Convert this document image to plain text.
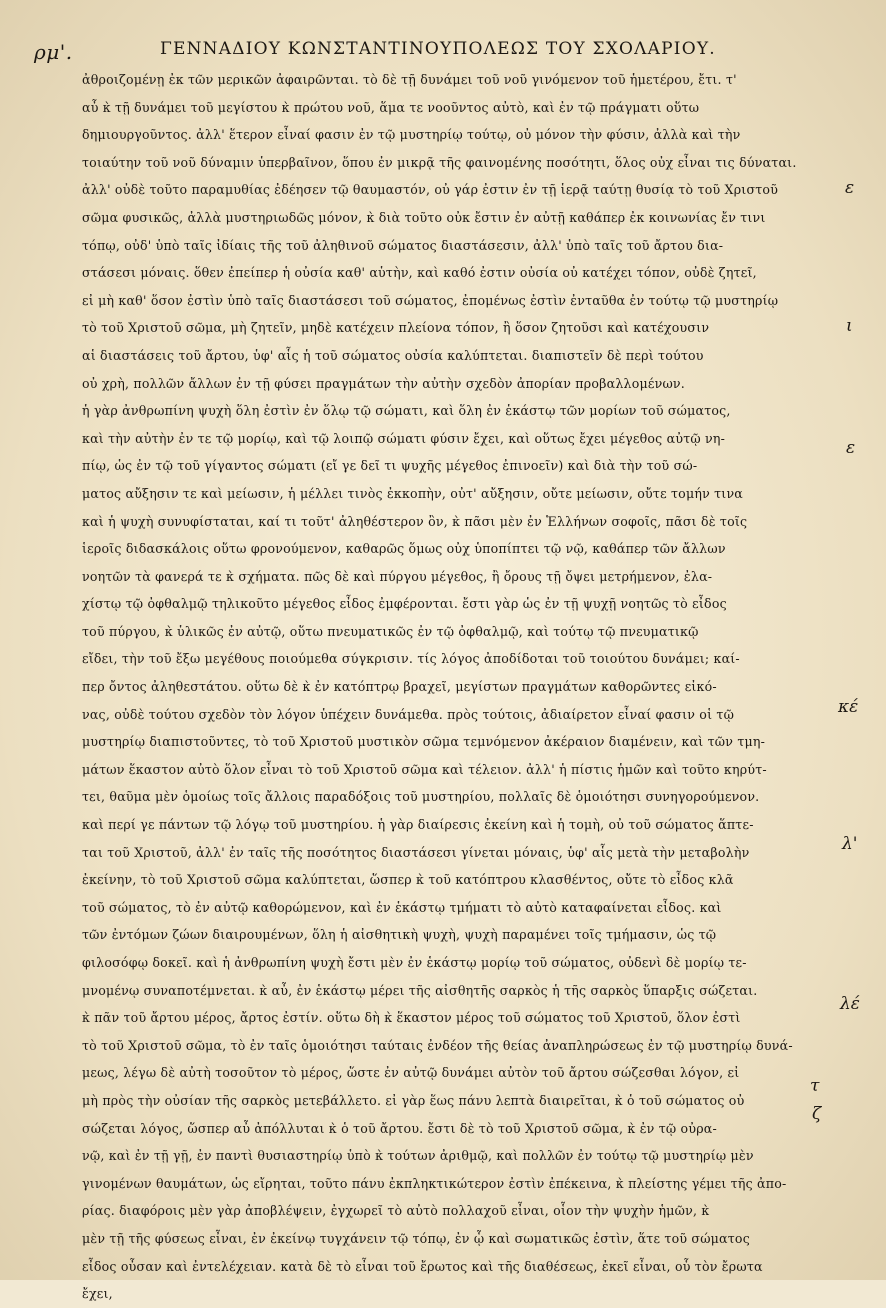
ρμ'.	ΓΕΝΝΑΔΙΟΥ ΚΩΝΣΤΑΝΤΙΝΟΥΠΟΛΕΩΣ ΤΟΥ ΣΧΟΛΑΡΙΟΥ.
ἀθροιζομένῃ ἐκ τῶν μερικῶν ἀφαιρῶνται. τὸ δὲ τῇ δυνάμει τοῦ νοῦ γινόμενον τοῦ ἡμετέρου, ἔτι. τ'
αὖ κ̀ τῇ δυνάμει τοῦ μεγίστου κ̀ πρώτου νοῦ, ἅμα τε νοοῦντος αὐτὸ, καὶ ἐν τῷ πράγματι οὕτω
δημιουργοῦντος. ἀλλ' ἕτερον εἶναί φασιν ἐν τῷ μυστηρίῳ τούτῳ, οὐ μόνον τὴν φύσιν, ἀλλὰ καὶ τὴν
τοιαύτην τοῦ νοῦ δύναμιν ὑπερβαῖνον, ὅπου ἐν μικρᾷ τῆς φαινομένης ποσότητι, ὅλος οὐχ εἶναι τις δύναται.
ἀλλ' οὐδὲ τοῦτο παραμυθίας ἐδέησεν τῷ θαυμαστόν, οὐ γάρ ἐστιν ἐν τῇ ἱερᾷ ταύτῃ θυσίᾳ τὸ τοῦ Χριστοῦ
σῶμα φυσικῶς, ἀλλὰ μυστηριωδῶς μόνον, κ̀ διὰ τοῦτο οὐκ ἔστιν ἐν αὐτῇ καθάπερ ἐκ κοινωνίας ἔν τινι
τόπῳ, οὐδ' ὑπὸ ταῖς ἰδίαις τῆς τοῦ ἀληθινοῦ σώματος διαστάσεσιν, ἀλλ' ὑπὸ ταῖς τοῦ ἄρτου δια-
στάσεσι μόναις. ὅθεν ἐπείπερ ἡ οὐσία καθ' αὑτὴν, καὶ καθό ἐστιν οὐσία οὐ κατέχει τόπον, οὐδὲ ζητεῖ,
εἰ μὴ καθ' ὅσον ἐστὶν ὑπὸ ταῖς διαστάσεσι τοῦ σώματος, ἐπομένως ἐστὶν ἐνταῦθα ἐν τούτῳ τῷ μυστηρίῳ
τὸ τοῦ Χριστοῦ σῶμα, μὴ ζητεῖν, μηδὲ κατέχειν πλείονα τόπον, ἢ ὅσον ζητοῦσι καὶ κατέχουσιν
αἱ διαστάσεις τοῦ ἄρτου, ὑφ' αἷς ἡ τοῦ σώματος οὐσία καλύπτεται. διαπιστεῖν δὲ περὶ τούτου
οὐ χρὴ, πολλῶν ἄλλων ἐν τῇ φύσει πραγμάτων τὴν αὐτὴν σχεδὸν ἀπορίαν προβαλλομένων.
ἡ γὰρ ἀνθρωπίνη ψυχὴ ὅλη ἐστὶν ἐν ὅλῳ τῷ σώματι, καὶ ὅλη ἐν ἑκάστῳ τῶν μορίων τοῦ σώματος,
καὶ τὴν αὐτὴν ἐν τε τῷ μορίῳ, καὶ τῷ λοιπῷ σώματι φύσιν ἔχει, καὶ οὕτως ἔχει μέγεθος αὐτῷ νη-
πίῳ, ὡς ἐν τῷ τοῦ γίγαντος σώματι (εἴ γε δεῖ τι ψυχῆς μέγεθος ἐπινοεῖν) καὶ διὰ τὴν τοῦ σώ-
ματος αὔξησιν τε καὶ μείωσιν, ἡ μέλλει τινὸς ἐκκοπὴν, οὐτ' αὔξησιν, οὔτε μείωσιν, οὔτε τομήν τινα
καὶ ἡ ψυχὴ συνυφίσταται, καί τι τοῦτ' ἀληθέστερον ὂν, κ̀ πᾶσι μὲν ἐν Ἑλλήνων σοφοῖς, πᾶσι δὲ τοῖς
ἱεροῖς διδασκάλοις οὕτω φρονούμενον, καθαρῶς ὅμως οὐχ ὑποπίπτει τῷ νῷ, καθάπερ τῶν ἄλλων
νοητῶν τὰ φανερά τε κ̀ σχήματα. πῶς δὲ καὶ πύργου μέγεθος, ἢ ὄρους τῇ ὄψει μετρήμενον, ἐλα-
χίστῳ τῷ ὀφθαλμῷ τηλικοῦτο μέγεθος εἶδος ἐμφέρονται. ἔστι γὰρ ὡς ἐν τῇ ψυχῇ νοητῶς τὸ εἶδος
τοῦ πύργου, κ̀ ὑλικῶς ἐν αὐτῷ, οὕτω πνευματικῶς ἐν τῷ ὀφθαλμῷ, καὶ τούτῳ τῷ πνευματικῷ
εἴδει, τὴν τοῦ ἔξω μεγέθους ποιούμεθα σύγκρισιν. τίς λόγος ἀποδίδοται τοῦ τοιούτου δυνάμει; καί-
περ ὄντος ἀληθεστάτου. οὕτω δὲ κ̀ ἐν κατόπτρῳ βραχεῖ, μεγίστων πραγμάτων καθορῶντες εἰκό-
νας, οὐδὲ τούτου σχεδὸν τὸν λόγον ὑπέχειν δυνάμεθα. πρὸς τούτοις, ἀδιαίρετον εἶναί φασιν οἱ τῷ
μυστηρίῳ διαπιστοῦντες, τὸ τοῦ Χριστοῦ μυστικὸν σῶμα τεμνόμενον ἀκέραιον διαμένειν, καὶ τῶν τμη-
μάτων ἕκαστον αὐτὸ ὅλον εἶναι τὸ τοῦ Χριστοῦ σῶμα καὶ τέλειον. ἀλλ' ἡ πίστις ἡμῶν καὶ τοῦτο κηρύτ-
τει, θαῦμα μὲν ὁμοίως τοῖς ἄλλοις παραδόξοις τοῦ μυστηρίου, πολλαῖς δὲ ὁμοιότησι συνηγορούμενον.
καὶ περί γε πάντων τῷ λόγῳ τοῦ μυστηρίου. ἡ γὰρ διαίρεσις ἐκείνη καὶ ἡ τομὴ, οὐ τοῦ σώματος ἅπτε-
ται τοῦ Χριστοῦ, ἀλλ' ἐν ταῖς τῆς ποσότητος διαστάσεσι γίνεται μόναις, ὑφ' αἷς μετὰ τὴν μεταβολὴν
ἐκείνην, τὸ τοῦ Χριστοῦ σῶμα καλύπτεται, ὥσπερ κ̀ τοῦ κατόπτρου κλασθέντος, οὔτε τὸ εἶδος κλᾶ
τοῦ σώματος, τὸ ἐν αὐτῷ καθορώμενον, καὶ ἐν ἑκάστῳ τμήματι τὸ αὐτὸ καταφαίνεται εἶδος. καὶ
τῶν ἐντόμων ζώων διαιρουμένων, ὅλη ἡ αἰσθητικὴ ψυχὴ, ψυχὴ παραμένει τοῖς τμήμασιν, ὡς τῷ
φιλοσόφῳ δοκεῖ. καὶ ἡ ἀνθρωπίνη ψυχὴ ἔστι μὲν ἐν ἑκάστῳ μορίῳ τοῦ σώματος, οὐδενὶ δὲ μορίῳ τε-
μνομένῳ συναποτέμνεται. κ̀ αὖ, ἐν ἑκάστῳ μέρει τῆς αἰσθητῆς σαρκὸς ἡ τῆς σαρκὸς ὕπαρξις σώζεται.
κ̀ πᾶν τοῦ ἄρτου μέρος, ἄρτος ἐστίν. οὕτω δὴ κ̀ ἕκαστον μέρος τοῦ σώματος τοῦ Χριστοῦ, ὅλον ἐστὶ
τὸ τοῦ Χριστοῦ σῶμα, τὸ ἐν ταῖς ὁμοιότησι ταύταις ἐνδέον τῆς θείας ἀναπληρώσεως ἐν τῷ μυστηρίῳ δυνά-
μεως, λέγω δὲ αὐτὴ τοσοῦτον τὸ μέρος, ὥστε ἐν αὐτῷ δυνάμει αὐτὸν τοῦ ἄρτου σώζεσθαι λόγον, εἰ
μὴ πρὸς τὴν οὐσίαν τῆς σαρκὸς μετεβάλλετο. εἰ γὰρ ἕως πάνυ λεπτὰ διαιρεῖται, κ̀ ὁ τοῦ σώματος οὐ
σώζεται λόγος, ὥσπερ αὖ ἀπόλλυται κ̀ ὁ τοῦ ἄρτου. ἔστι δὲ τὸ τοῦ Χριστοῦ σῶμα, κ̀ ἐν τῷ οὐρα-
νῷ, καὶ ἐν τῇ γῇ, ἐν παντὶ θυσιαστηρίῳ ὑπὸ κ̀ τούτων ἀριθμῷ, καὶ πολλῶν ἐν τούτῳ τῷ μυστηρίῳ μὲν
γινομένων θαυμάτων, ὡς εἴρηται, τοῦτο πάνυ ἐκπληκτικώτερον ἐστὶν ἐπέκεινα, κ̀ πλείστης γέμει τῆς ἀπο-
ρίας. διαφόροις μὲν γὰρ ἀποβλέψειν, ἐγχωρεῖ τὸ αὐτὸ πολλαχοῦ εἶναι, οἷον τὴν ψυχὴν ἡμῶν, κ̀
μὲν τῇ τῆς φύσεως εἶναι, ἐν ἐκείνῳ τυγχάνειν τῷ τόπῳ, ἐν ᾧ καὶ σωματικῶς ἐστὶν, ἅτε τοῦ σώματος
εἶδος οὖσαν καὶ ἐντελέχειαν. κατὰ δὲ τὸ εἶναι τοῦ ἔρωτος καὶ τῆς διαθέσεως, ἐκεῖ εἶναι, οὗ τὸν ἔρωτα
ἔχει,
ε
ι
ε
κέ
λ'
λέ
τ
ζ
